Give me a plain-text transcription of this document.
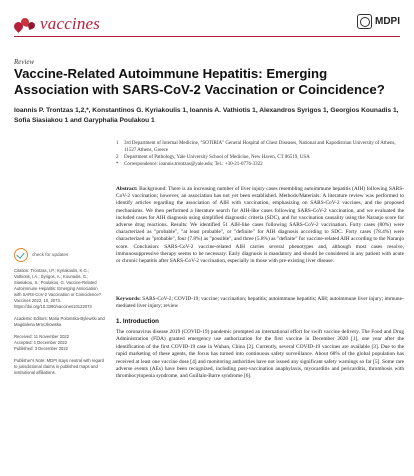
vaccines	MDPI
Review
Vaccine-Related Autoimmune Hepatitis: Emerging Association with SARS-CoV-2 Vaccination or Coincidence?
Ioannis P. Trontzas 1,2,*, Konstantinos G. Kyriakoulis 1, Ioannis A. Vathiotis 1, Alexandros Syrigos 1, Georgios Kounadis 1, Sofia Siasiakou 1 and Garyphalia Poulakou 1
1	3rd Department of Internal Medicine, "SOTIRIA" General Hospital of Chest Diseases, National and Kapodistrian University of Athens, 11527 Athens, Greece
2	Department of Pathology, Yale University School of Medicine, New Haven, CT 06519, USA
*	Correspondence: ioannis.trontzas@yale.edu; Tel.: +30-21-0776-3322
Abstract: Background: There is an increasing number of liver injury cases resembling autoimmune hepatitis (AIH) following SARS-CoV-2 vaccination; however, an association has not yet been established. Methods/Materials: A literature review was performed to identify articles regarding the association of AIH with vaccination, emphasizing on SARS-CoV-2 vaccines, and the proposed mechanisms. We then performed a literature search for AIH-like cases following SARS-CoV-2 vaccination, and we evaluated the included cases for AIH diagnosis using simplified diagnostic criteria (SDC), and for vaccination causality using the Naranjo score for adverse drug reactions. Results: We identified 51 AIH-like cases following SARS-CoV-2 vaccination. Forty cases (80%) were characterized as "probable", "at least probable", or "definite" for AIH diagnosis according to SDC. Forty cases (78.4%) were characterized as "probable", four (7.8%) as "possible", and three (5.8%) as "definite" for vaccine-related AIH according to the Naranjo score. Conclusion: SARS-CoV-2 vaccine-related AIH carries several phenotypes and, although most cases resolve, immunosuppressive therapy seems to be necessary. Early diagnosis is mandatory and should be considered in any patient with acute or chronic hepatitis after SARS-CoV-2 vaccination, especially in those with pre-existing liver disease.
Keywords: SARS-CoV-2; COVID-19; vaccine; vaccination; hepatitis; autoimmune hepatitis; AIH; autoimmune liver injury; immune-mediated liver injury; review
check for updates
Citation: Trontzas, I.P.; Kyriakoulis, K.G.; Vathiotis, I.A.; Syrigos, A.; Kounadis, G.; Siasiakou, S.; Poulakou, G. Vaccine-Related Autoimmune Hepatitis: Emerging Association with SARS-CoV-2 Vaccination or Coincidence? Vaccines 2022, 10, 2073. https://doi.org/10.3390/vaccines10122073
Academic Editors: Maria Polomska-Bylewski and Magdalena Mroczkowska
Received: 11 November 2022
Accepted: 1 December 2022
Published: 3 December 2022
Publisher's Note: MDPI stays neutral with regard to jurisdictional claims in published maps and institutional affiliations.
1. Introduction
The coronavirus disease 2019 (COVID-19) pandemic prompted an international effort for swift vaccine delivery. The Food and Drug Administration (FDA) granted emergency use authorization for the first vaccine in December 2020 [1], one year after the identification of the first COVID-19 case in Wuhan, China [2]. Currently, several COVID-19 vaccines are available [3]. Due to the rapid marketing of these agents, the focus has turned into continuous safety surveillance. About 68% of the global population has received at least one vaccine dose [4] and monitoring authorities have not issued any significant safety warnings so far [5]. Some rare adverse events (AEs) have been recognized, including post-vaccination anaphylaxis, myocarditis and pericarditis, thrombosis with thrombocytopenia syndrome, and Guillain-Barre syndrome [6].
